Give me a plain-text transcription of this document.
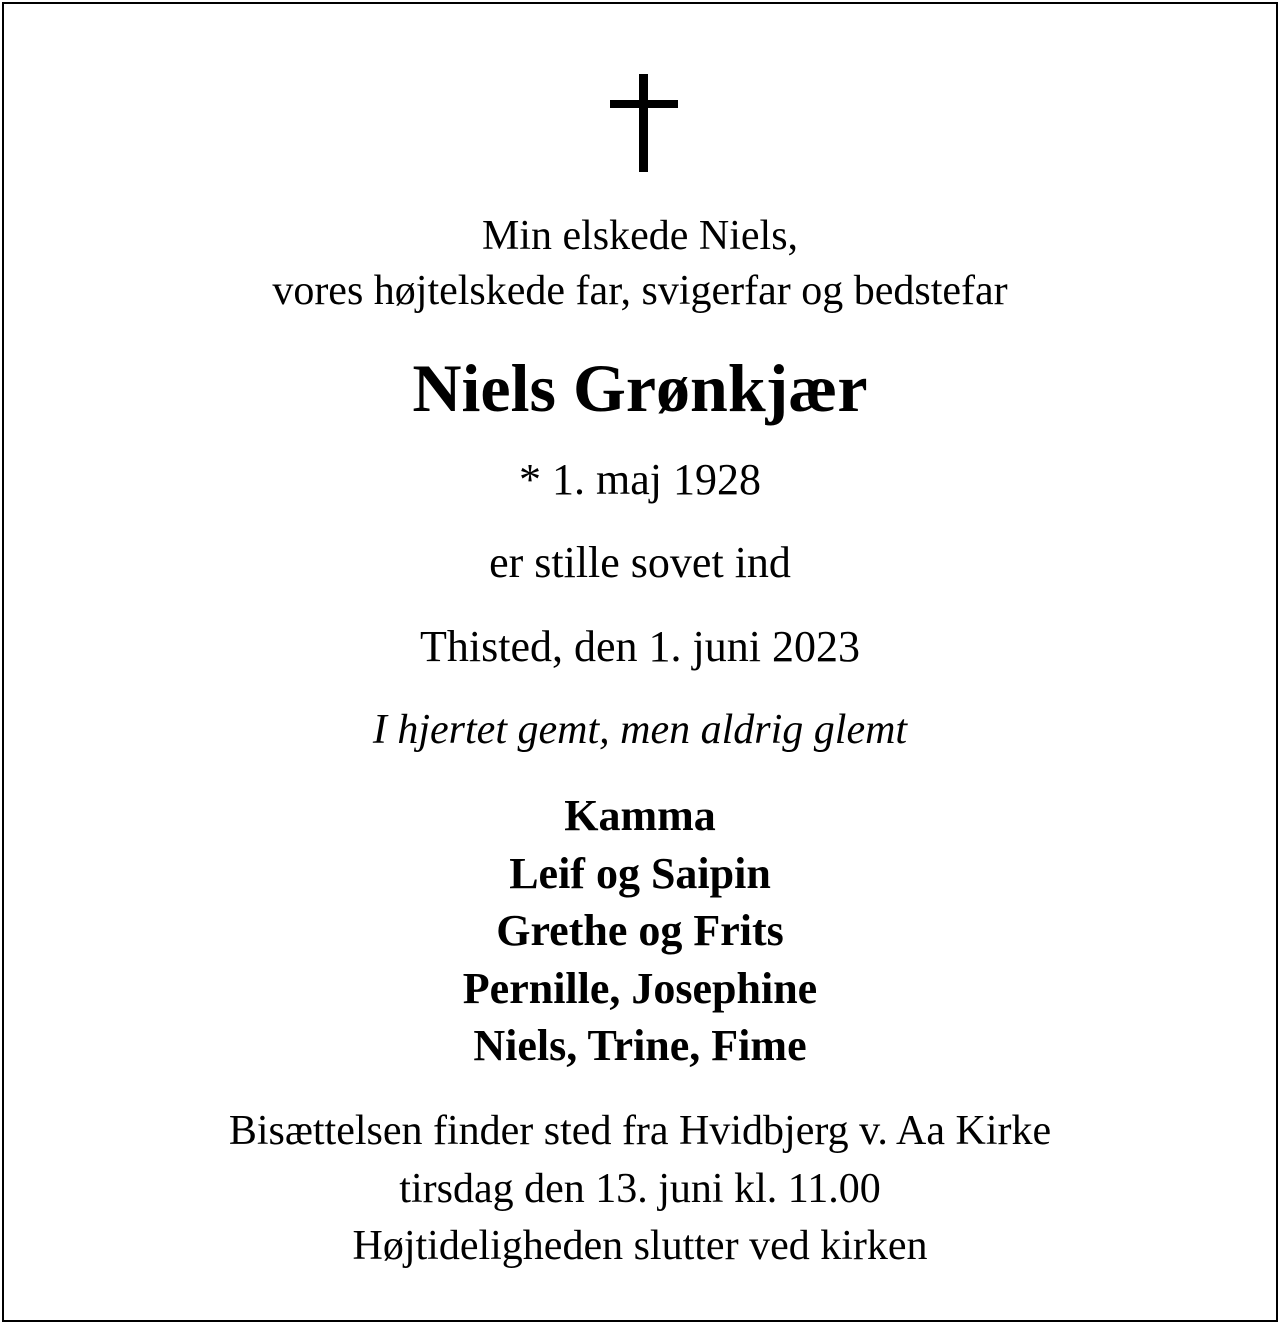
Min elskede Niels,
vores højtelskede far, svigerfar og bedstefar
Niels Grønkjær
* 1. maj 1928
er stille sovet ind
Thisted, den 1. juni 2023
I hjertet gemt, men aldrig glemt
Kamma
Leif og Saipin
Grethe og Frits
Pernille, Josephine
Niels, Trine, Fime
Bisættelsen finder sted fra Hvidbjerg v. Aa Kirke
tirsdag den 13. juni kl. 11.00
Højtideligheden slutter ved kirken
